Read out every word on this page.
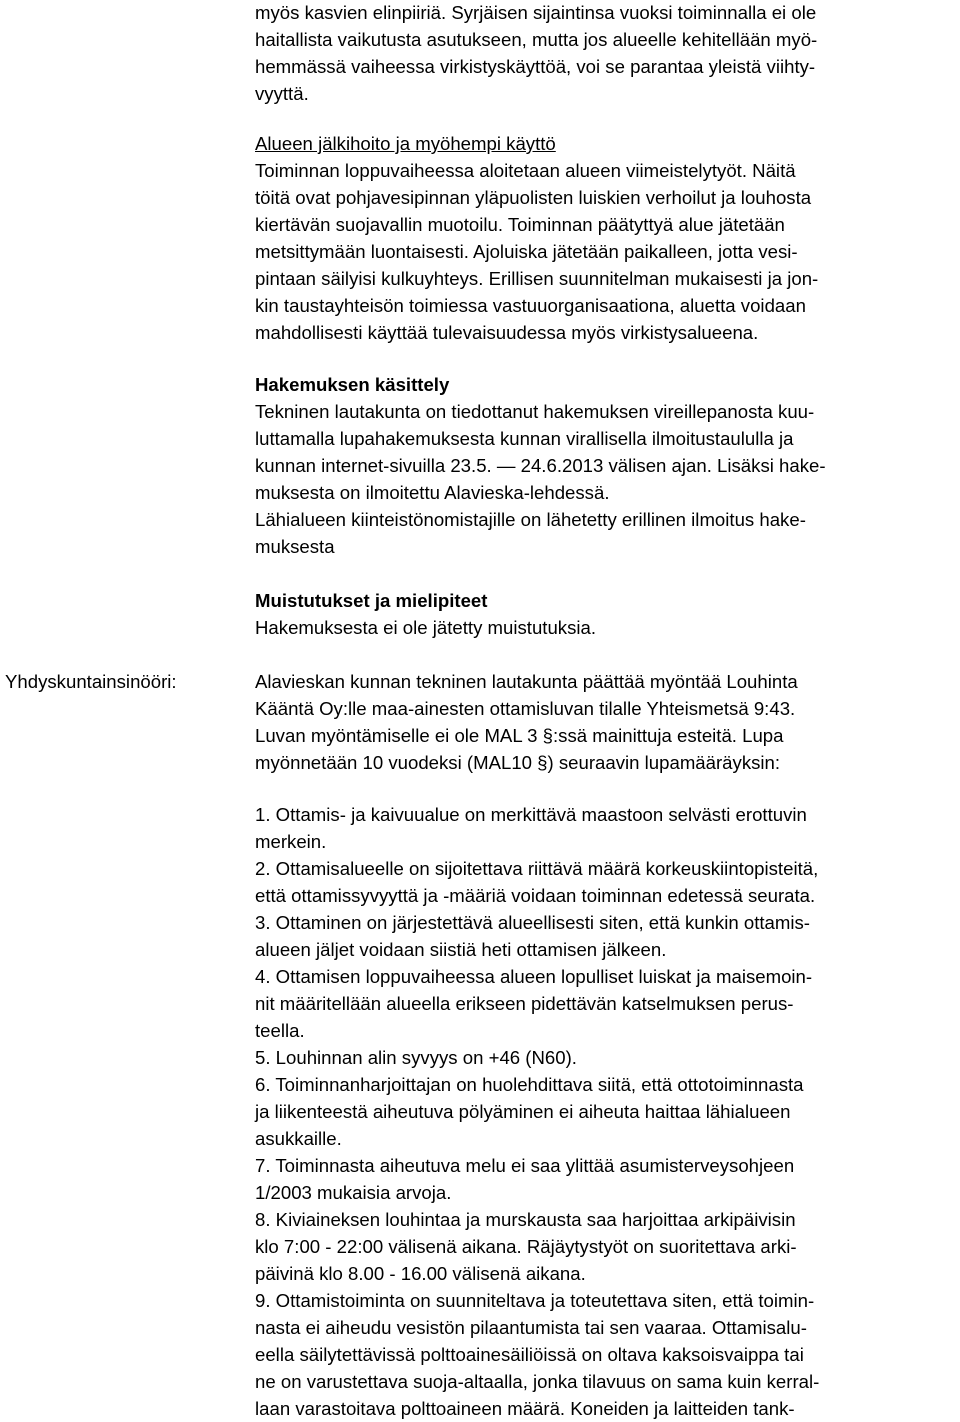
myös kasvien elinpiiriä. Syrjäisen sijaintinsa vuoksi toiminnalla ei ole
haitallista vaikutusta asutukseen, mutta jos alueelle kehitellään myö-
hemmässä vaiheessa virkistyskäyttöä, voi se parantaa yleistä viihty-
vyyttä.
Alueen jälkihoito ja myöhempi käyttö
Toiminnan loppuvaiheessa aloitetaan alueen viimeistelytyöt. Näitä
töitä ovat pohjavesipinnan yläpuolisten luiskien verhoilut ja louhosta
kiertävän suojavallin muotoilu. Toiminnan päätyttyä alue jätetään
metsittymään luontaisesti. Ajoluiska jätetään paikalleen, jotta vesi-
pintaan säilyisi kulkuyhteys. Erillisen suunnitelman mukaisesti ja jon-
kin taustayhteisön toimiessa vastuuorganisaationa, aluetta voidaan
mahdollisesti käyttää tulevaisuudessa myös virkistysalueena.
Hakemuksen käsittely
Tekninen lautakunta on tiedottanut hakemuksen vireillepanosta kuu-
luttamalla lupahakemuksesta kunnan virallisella ilmoitustaululla ja
kunnan internet-sivuilla 23.5. — 24.6.2013 välisen ajan. Lisäksi hake-
muksesta on ilmoitettu Alavieska-lehdessä.
Lähialueen kiinteistönomistajille on lähetetty erillinen ilmoitus hake-
muksesta
Muistutukset ja mielipiteet
Hakemuksesta ei ole jätetty muistutuksia.
Yhdyskuntainsinööri:	Alavieskan kunnan tekninen lautakunta päättää myöntää Louhinta
Kääntä Oy:lle maa-ainesten ottamisluvan tilalle Yhteismetsä 9:43.
Luvan myöntämiselle ei ole MAL 3 §:ssä mainittuja esteitä. Lupa
myönnetään 10 vuodeksi (MAL10 §) seuraavin lupamääräyksin:
1. Ottamis- ja kaivuualue on merkittävä maastoon selvästi erottuvin
merkein.
2. Ottamisalueelle on sijoitettava riittävä määrä korkeuskiintopisteitä,
että ottamissyvyyttä ja -määriä voidaan toiminnan edetessä seurata.
3. Ottaminen on järjestettävä alueellisesti siten, että kunkin ottamis-
alueen jäljet voidaan siistiä heti ottamisen jälkeen.
4. Ottamisen loppuvaiheessa alueen lopulliset luiskat ja maisemoin-
nit määritellään alueella erikseen pidettävän katselmuksen perus-
teella.
5. Louhinnan alin syvyys on +46 (N60).
6. Toiminnanharjoittajan on huolehdittava siitä, että ottotoiminnasta
ja liikenteestä aiheutuva pölyäminen ei aiheuta haittaa lähialueen
asukkaille.
7. Toiminnasta aiheutuva melu ei saa ylittää asumisterveysohjeen
1/2003 mukaisia arvoja.
8. Kiviaineksen louhintaa ja murskausta saa harjoittaa arkipäivisin
klo 7:00 - 22:00 välisenä aikana. Räjäytystyöt on suoritettava arki-
päivinä klo 8.00 - 16.00 välisenä aikana.
9. Ottamistoiminta on suunniteltava ja toteutettava siten, että toimin-
nasta ei aiheudu vesistön pilaantumista tai sen vaaraa. Ottamisalu-
eella säilytettävissä polttoainesäiliöissä on oltava kaksoisvaippa tai
ne on varustettava suoja-altaalla, jonka tilavuus on sama kuin kerral-
laan varastoitava polttoaineen määrä. Koneiden ja laitteiden tank-
